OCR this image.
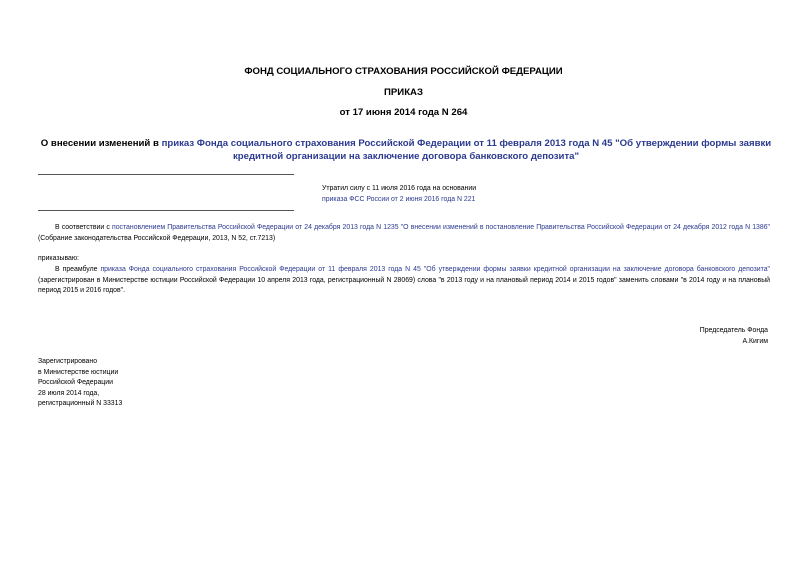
ФОНД СОЦИАЛЬНОГО СТРАХОВАНИЯ РОССИЙСКОЙ ФЕДЕРАЦИИ
ПРИКАЗ
от 17 июня 2014 года N 264
О внесении изменений в приказ Фонда социального страхования Российской Федерации от 11 февраля 2013 года N 45 "Об утверждении формы заявки кредитной организации на заключение договора банковского депозита"
Утратил силу с 11 июля 2016 года на основании
приказа ФСС России от 2 июня 2016 года N 221
В соответствии с постановлением Правительства Российской Федерации от 24 декабря 2013 года N 1235 "О внесении изменений в постановление Правительства Российской Федерации от 24 декабря 2012 года N 1386" (Собрание законодательства Российской Федерации, 2013, N 52, ст.7213)
приказываю:
В преамбуле приказа Фонда социального страхования Российской Федерации от 11 февраля 2013 года N 45 "Об утверждении формы заявки кредитной организации на заключение договора банковского депозита" (зарегистрирован в Министерстве юстиции Российской Федерации 10 апреля 2013 года, регистрационный N 28069) слова "в 2013 году и на плановый период 2014 и 2015 годов" заменить словами "в 2014 году и на плановый период 2015 и 2016 годов".
Председатель Фонда
А.Кигим
Зарегистрировано
в Министерстве юстиции
Российской Федерации
28 июля 2014 года,
регистрационный N 33313
